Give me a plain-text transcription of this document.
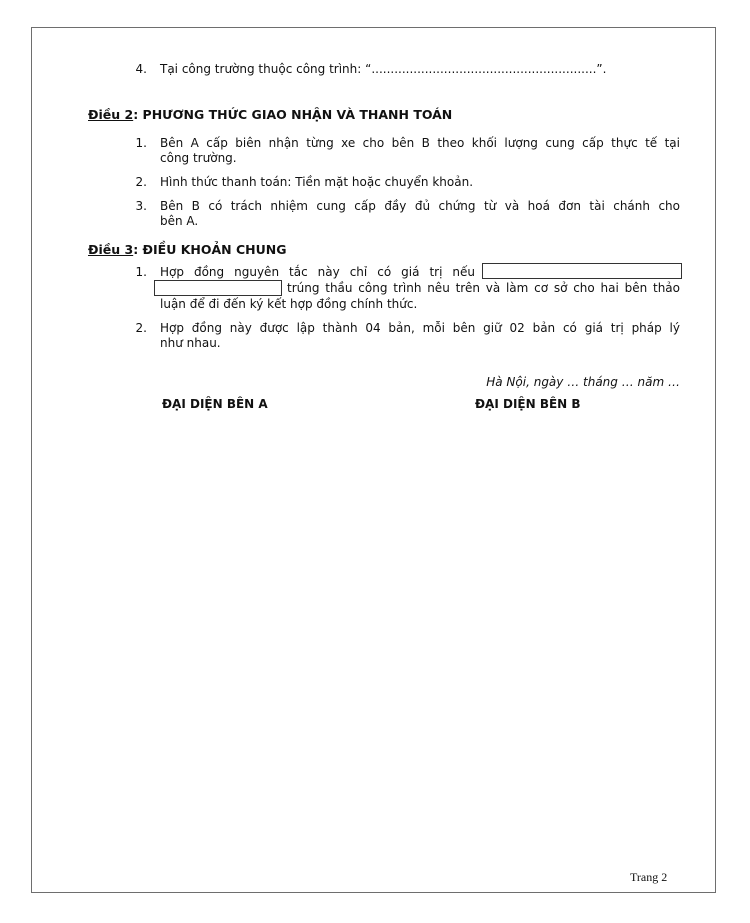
4. Tại công trường thuộc công trình: “...........................................................”.
Điều 2: PHƯƠNG THỨC GIAO NHẬN VÀ THANH TOÁN
1. Bên A cấp biên nhận từng xe cho bên B theo khối lượng cung cấp thực tế tại
công trường.
2. Hình thức thanh toán: Tiền mặt hoặc chuyển khoản.
3. Bên B có trách nhiệm cung cấp đầy đủ chứng từ và hoá đơn tài chánh cho
bên A.
Điều 3: ĐIỀU KHOẢN CHUNG
1. Hợp đồng nguyên tắc này chỉ có giá trị nếu
trúng thầu công trình nêu trên và làm cơ sở cho hai bên thảo
luận để đi đến ký kết hợp đồng chính thức.
2. Hợp đồng này được lập thành 04 bản, mỗi bên giữ 02 bản có giá trị pháp lý
như nhau.
Hà Nội, ngày … tháng … năm …
ĐẠI DIỆN BÊN A	ĐẠI DIỆN BÊN B
Trang 2
